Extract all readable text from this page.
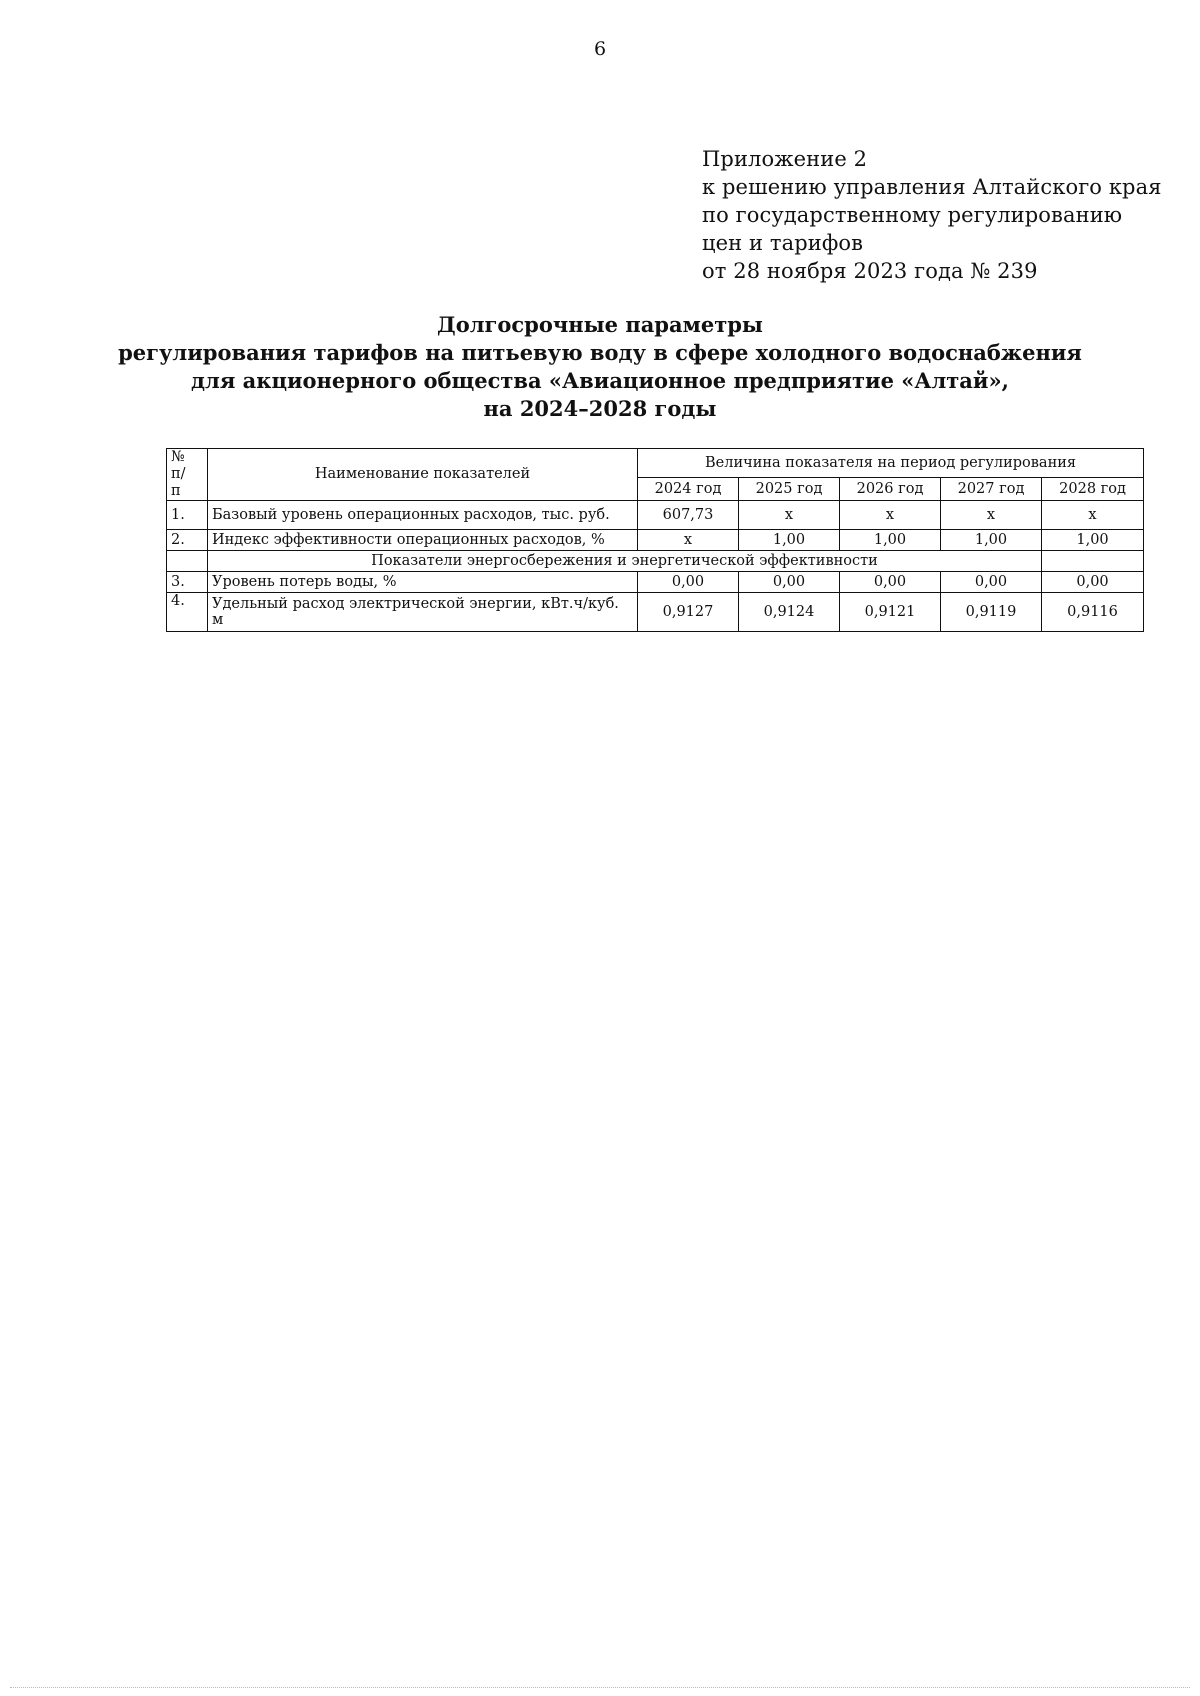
6
Приложение 2
к решению управления Алтайского края
по государственному регулированию
цен и тарифов
от 28 ноября 2023 года № 239
Долгосрочные параметры
регулирования тарифов на питьевую воду в сфере холодного водоснабжения
для акционерного общества «Авиационное предприятие «Алтай»,
на 2024–2028 годы
№
п/
п	Наименование показателей	Величина показателя на период регулирования				
		2024 год	2025 год	2026 год	2027 год	2028 год
1.	Базовый уровень операционных расходов, тыс. руб.	607,73	х	х	х	х
2.	Индекс эффективности операционных расходов, %	х	1,00	1,00	1,00	1,00
	Показатели энергосбережения и энергетической эффективности					
3.	Уровень потерь воды, %	0,00	0,00	0,00	0,00	0,00
4.	Удельный расход электрической энергии, кВт.ч/куб. м	0,9127	0,9124	0,9121	0,9119	0,9116
